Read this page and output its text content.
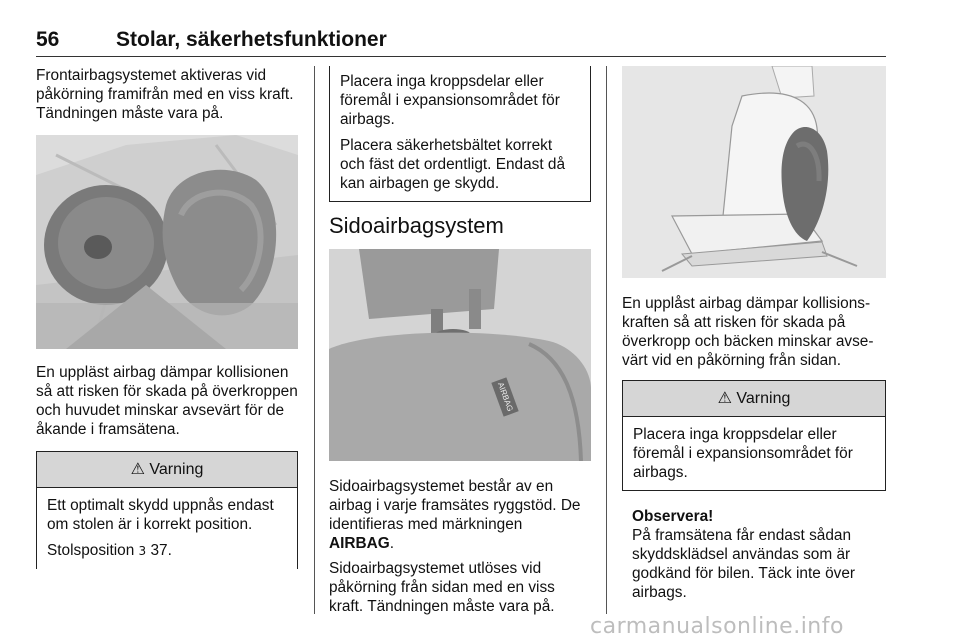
56	Stolar, säkerhetsfunktioner

Frontairbagsystemet aktiveras vid påkörning framifrån med en viss kraft. Tändningen måste vara på.

En uppläst airbag dämpar kollisionen så att risken för skada på överkroppen och huvudet minskar avsevärt för de åkande i framsätena.

⚠ Varning

Ett optimalt skydd uppnås endast om stolen är i korrekt position.

Stolsposition 3 37.

Placera inga kroppsdelar eller föremål i expansionsområdet för airbags.

Placera säkerhetsbältet korrekt och fäst det ordentligt. Endast då kan airbagen ge skydd.

Sidoairbagsystem
AIRBAG

Sidoairbagsystemet består av en airbag i varje framsätes ryggstöd. De identifieras med märkningen AIRBAG.

Sidoairbagsystemet utlöses vid påkörning från sidan med en viss kraft. Tändningen måste vara på.

En upplåst airbag dämpar kollisionskraften så att risken för skada på överkropp och bäcken minskar avsevärt vid en påkörning från sidan.

⚠ Varning

Placera inga kroppsdelar eller föremål i expansionsområdet för airbags.

Observera!

På framsätena får endast sådan skyddsklädsel användas som är godkänd för bilen. Täck inte över airbags.

carmanualsonline.info
